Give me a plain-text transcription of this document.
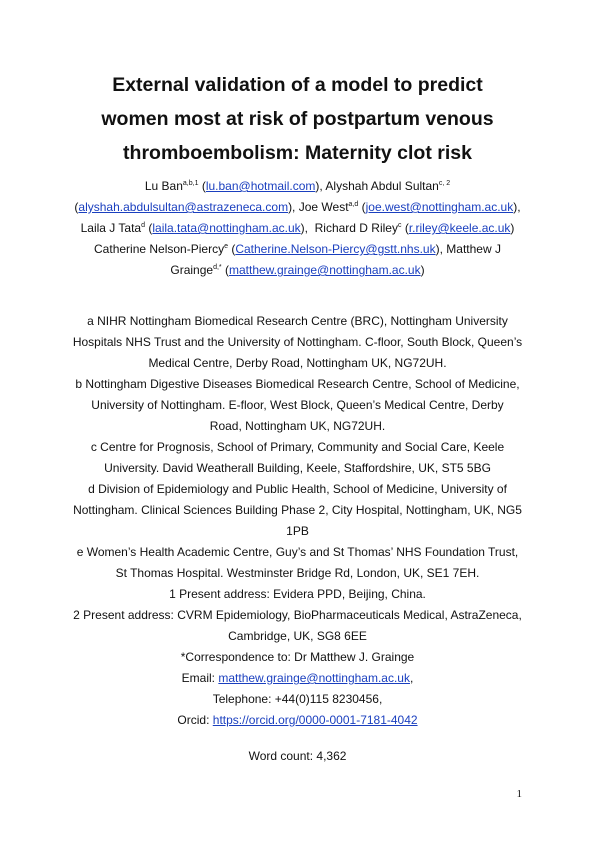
External validation of a model to predict
women most at risk of postpartum venous
thromboembolism: Maternity clot risk
Lu Ban$^{a,b,1}$ (lu.ban@hotmail.com), Alyshah Abdul Sultan$^{c, 2}$
(alyshah.abdulsultan@astrazeneca.com), Joe West$^{a,d}$ (joe.west@nottingham.ac.uk),
Laila J Tata$^d$ (laila.tata@nottingham.ac.uk),  Richard D Riley$^c$ (r.riley@keele.ac.uk)
Catherine Nelson-Piercy$^e$ (Catherine.Nelson-Piercy@gstt.nhs.uk), Matthew J
Grainge$^{d,*}$ (matthew.grainge@nottingham.ac.uk)
a NIHR Nottingham Biomedical Research Centre (BRC), Nottingham University
Hospitals NHS Trust and the University of Nottingham. C-floor, South Block, Queen’s
Medical Centre, Derby Road, Nottingham UK, NG72UH.
b Nottingham Digestive Diseases Biomedical Research Centre, School of Medicine,
University of Nottingham. E-floor, West Block, Queen’s Medical Centre, Derby
Road, Nottingham UK, NG72UH.
c Centre for Prognosis, School of Primary, Community and Social Care, Keele
University. David Weatherall Building, Keele, Staffordshire, UK, ST5 5BG
d Division of Epidemiology and Public Health, School of Medicine, University of
Nottingham. Clinical Sciences Building Phase 2, City Hospital, Nottingham, UK, NG5
1PB
e Women’s Health Academic Centre, Guy’s and St Thomas’ NHS Foundation Trust,
St Thomas Hospital. Westminster Bridge Rd, London, UK, SE1 7EH.
1 Present address: Evidera PPD, Beijing, China.
2 Present address: CVRM Epidemiology, BioPharmaceuticals Medical, AstraZeneca,
Cambridge, UK, SG8 6EE
*Correspondence to: Dr Matthew J. Grainge
Email: matthew.grainge@nottingham.ac.uk,
Telephone: +44(0)115 8230456,
Orcid: https://orcid.org/0000-0001-7181-4042
Word count: 4,362
1
